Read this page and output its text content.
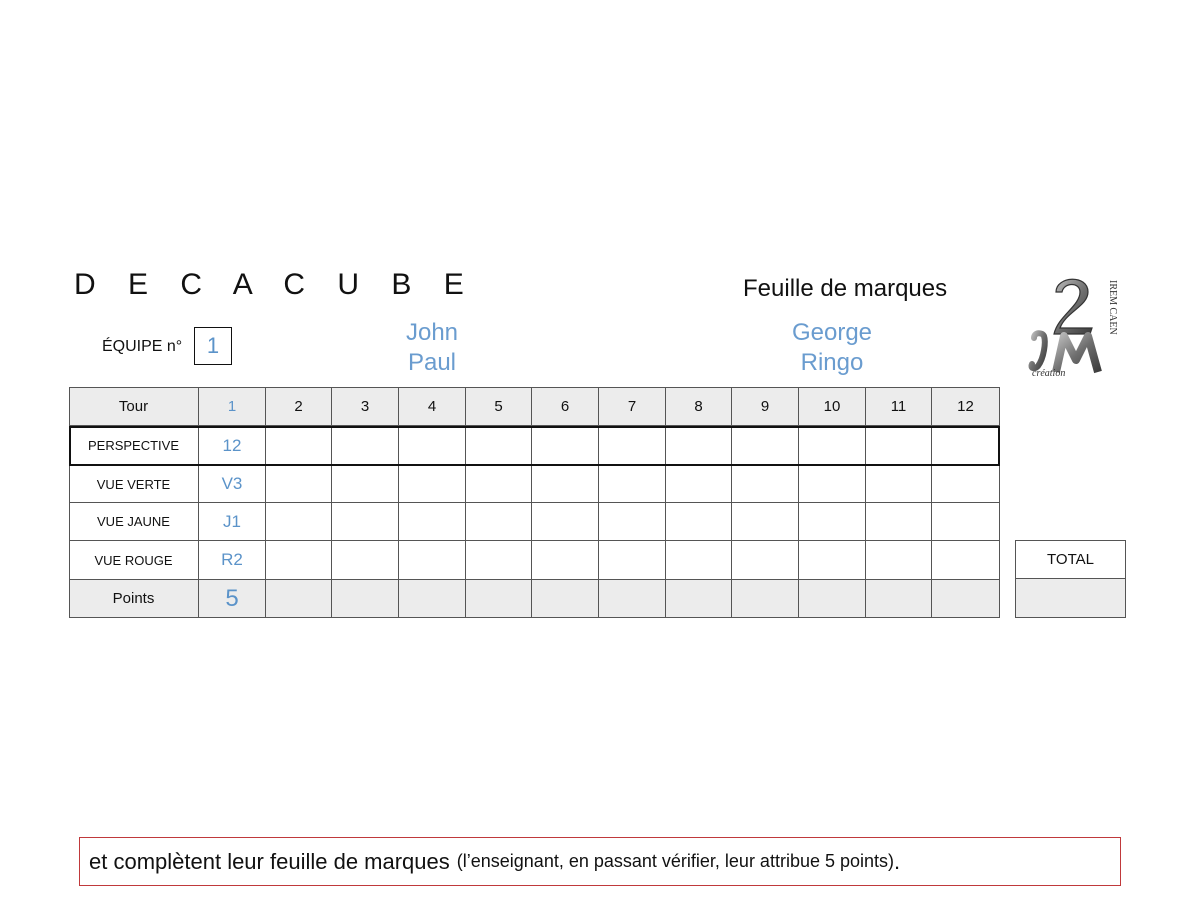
D E C A C U B E	Feuille de marques
ÉQUIPE n°	1	John
Paul
George
Ringo
IREM CAEN
création
Tour	1	2	3	4	5	6	7	8	9	10	11	12
PERSPECTIVE	12
VUE VERTE	V3
VUE JAUNE	J1
VUE ROUGE	R2
Points	5
TOTAL
et complètent leur feuille de marques (l’enseignant, en passant vérifier, leur attribue 5 points) .
